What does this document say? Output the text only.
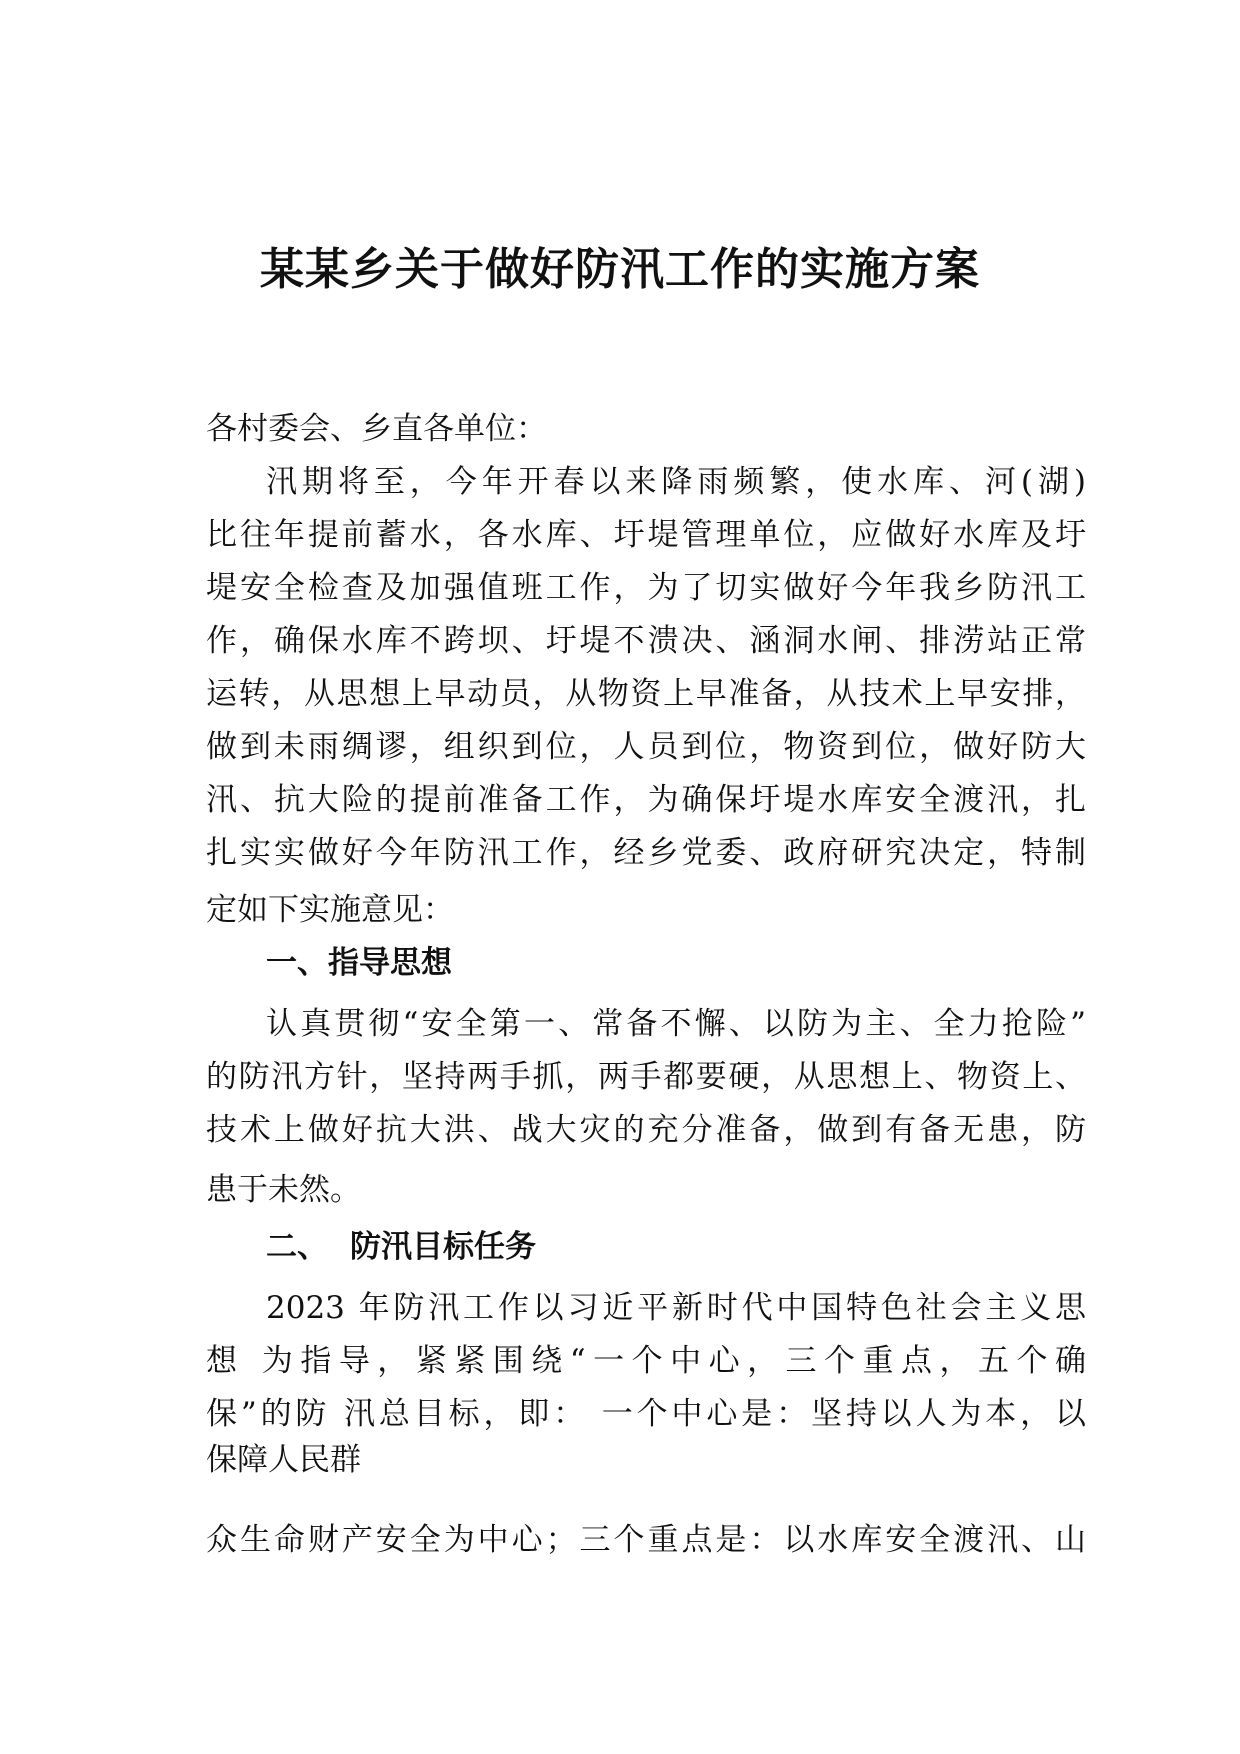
某某乡关于做好防汛工作的实施方案
各村委会、乡直各单位：
汛期将至，今年开春以来降雨频繁，使水库、河(湖)
比往年提前蓄水，各水库、圩堤管理单位，应做好水库及圩
堤安全检查及加强值班工作，为了切实做好今年我乡防汛工
作，确保水库不跨坝、圩堤不溃决、涵洞水闸、排涝站正常
运转，从思想上早动员，从物资上早准备，从技术上早安排，
做到未雨绸谬，组织到位，人员到位，物资到位，做好防大
汛、抗大险的提前准备工作，为确保圩堤水库安全渡汛，扎
扎实实做好今年防汛工作，经乡党委、政府研究决定，特制
定如下实施意见：
一、指导思想
认真贯彻“安全第一、常备不懈、以防为主、全力抢险”
的防汛方针，坚持两手抓，两手都要硬，从思想上、物资上、
技术上做好抗大洪、战大灾的充分准备，做到有备无患，防
患于未然。
二、 防汛目标任务
2023 年防汛工作以习近平新时代中国特色社会主义思
想 为指导，紧紧围绕“一个中心，三个重点，五个确
保”的防 汛总目标，即： 一个中心是：坚持以人为本，以
保障人民群
众生命财产安全为中心；三个重点是：以水库安全渡汛、山
